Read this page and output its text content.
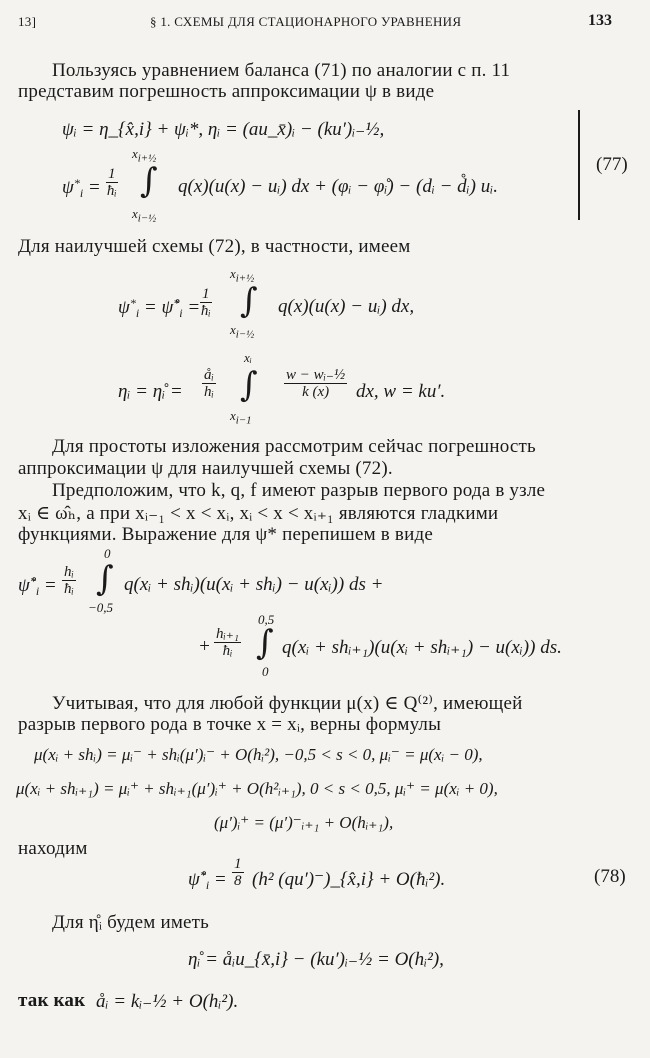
13]	§ 1. СХЕМЫ ДЛЯ СТАЦИОНАРНОГО УРАВНЕНИЯ	133
Пользуясь уравнением баланса (71) по аналогии с п. 11
представим погрешность аппроксимации ψ в виде
ψᵢ = η_{x̂,i} + ψᵢ*, ηᵢ = (au_x̄)ᵢ − (ku′)ᵢ₋½,
$\psi^*_i = \frac{1}{\text{ħᵢ}}$
$x_{i+\frac{1}{2}}$
∫
$x_{i-\frac{1}{2}}$
q(x)(u(x) − uᵢ) dx + (φᵢ − φ̊ᵢ) − (dᵢ − d̊ᵢ) uᵢ.
(77)
Для наилучшей схемы (72), в частности, имеем
$\psi^*_i$ = $\psi̊^*_i = \frac{1}{\text{ħᵢ}}$
$x_{i+\frac{1}{2}}$
∫
$x_{i-\frac{1}{2}}$
q(x)(u(x) − uᵢ) dx,
ηᵢ = η̊ᵢ = $\frac{\text{åᵢ}}{\text{hᵢ}}$
xᵢ
∫
$x_{i-1}$
$\frac{\text{w − wᵢ₋½}}{k (x)}$ dx, w = ku′.
Для простоты изложения рассмотрим сейчас погрешность
аппроксимации ψ для наилучшей схемы (72).
Предположим, что k, q, f имеют разрыв первого рода в узле
xᵢ ∈ ω̂ₕ, а при xᵢ₋₁ < x < xᵢ, xᵢ < x < xᵢ₊₁ являются гладкими
функциями. Выражение для ψ* перепишем в виде
$\psi̊^*_i = \frac{\text{hᵢ}}{\text{ħᵢ}}$
0
∫
−0,5
q(xᵢ + shᵢ)(u(xᵢ + shᵢ) − u(xᵢ)) ds +
+ $\frac{\text{hᵢ₊₁}}{\text{ħᵢ}}$
0,5
∫
0
q(xᵢ + shᵢ₊₁)(u(xᵢ + shᵢ₊₁) − u(xᵢ)) ds.
Учитывая, что для любой функции μ(x) ∈ Q⁽²⁾, имеющей
разрыв первого рода в точке x = xᵢ, верны формулы
μ(xᵢ + shᵢ) = μᵢ⁻ + shᵢ(μ′)ᵢ⁻ + O(hᵢ²), −0,5 < s < 0, μᵢ⁻ = μ(xᵢ − 0),
μ(xᵢ + shᵢ₊₁) = μᵢ⁺ + shᵢ₊₁(μ′)ᵢ⁺ + O(h²ᵢ₊₁), 0 < s < 0,5, μᵢ⁺ = μ(xᵢ + 0),
(μ′)ᵢ⁺ = (μ′)⁻ᵢ₊₁ + O(hᵢ₊₁),
находим
$\psi̊^*_i = \frac{1}{8} (h^2$ (qu′)⁻)_{x̂,i} + O(ħᵢ²).	(78)
Для η̊ᵢ будем иметь
η̊ᵢ = åᵢu_{x̄,i} − (ku′)ᵢ₋½ = O(hᵢ²),
так как åᵢ = kᵢ₋½ + O(hᵢ²).
